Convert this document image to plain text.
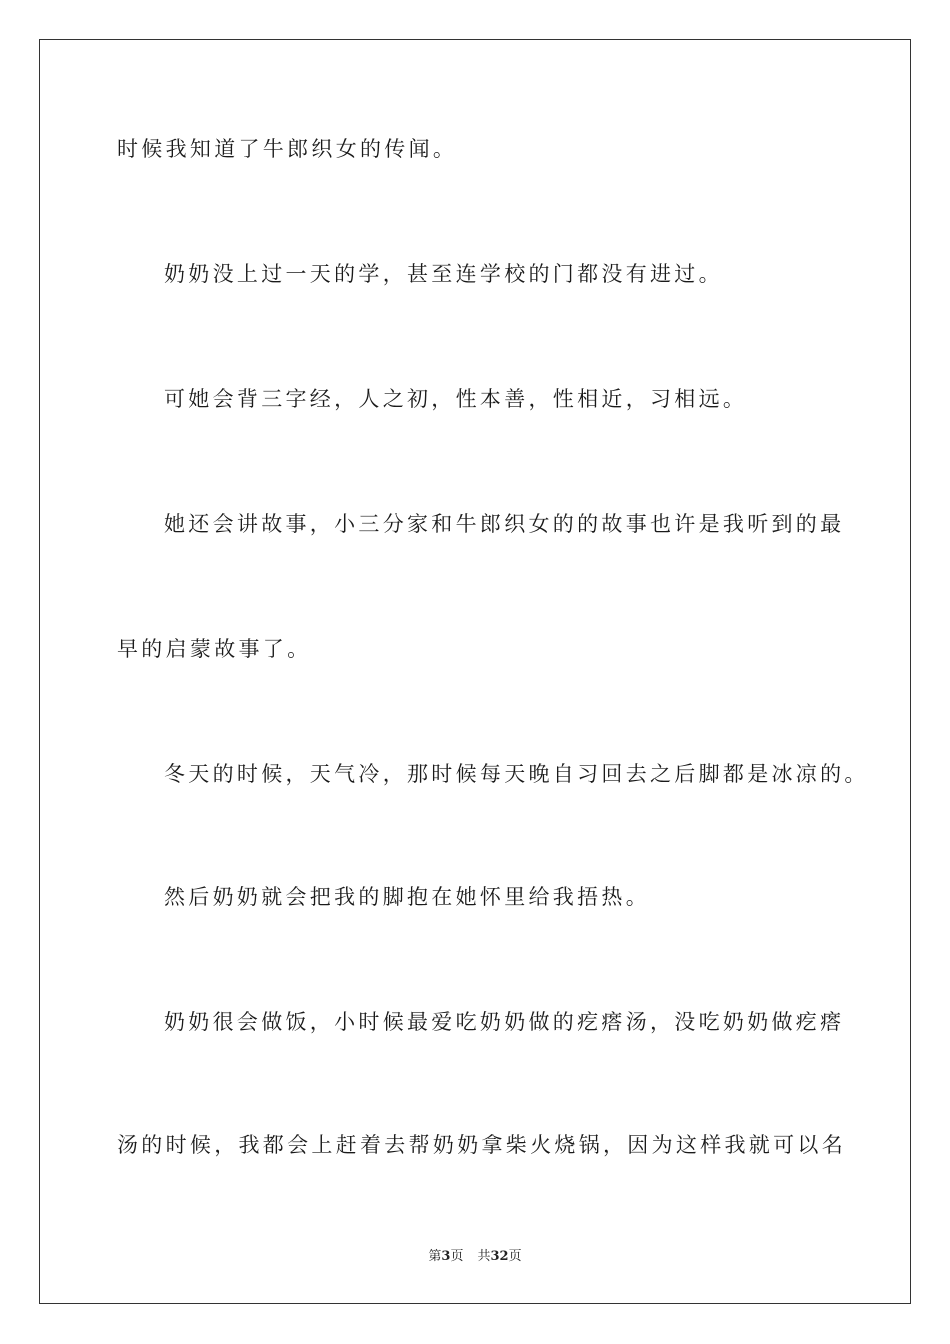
时候我知道了牛郎织女的传闻。
奶奶没上过一天的学，甚至连学校的门都没有进过。
可她会背三字经，人之初，性本善，性相近，习相远。
她还会讲故事，小三分家和牛郎织女的的故事也许是我听到的最
早的启蒙故事了。
冬天的时候，天气冷，那时候每天晚自习回去之后脚都是冰凉的。
然后奶奶就会把我的脚抱在她怀里给我捂热。
奶奶很会做饭，小时候最爱吃奶奶做的疙瘩汤，没吃奶奶做疙瘩
汤的时候，我都会上赶着去帮奶奶拿柴火烧锅，因为这样我就可以名
第3页 共32页
